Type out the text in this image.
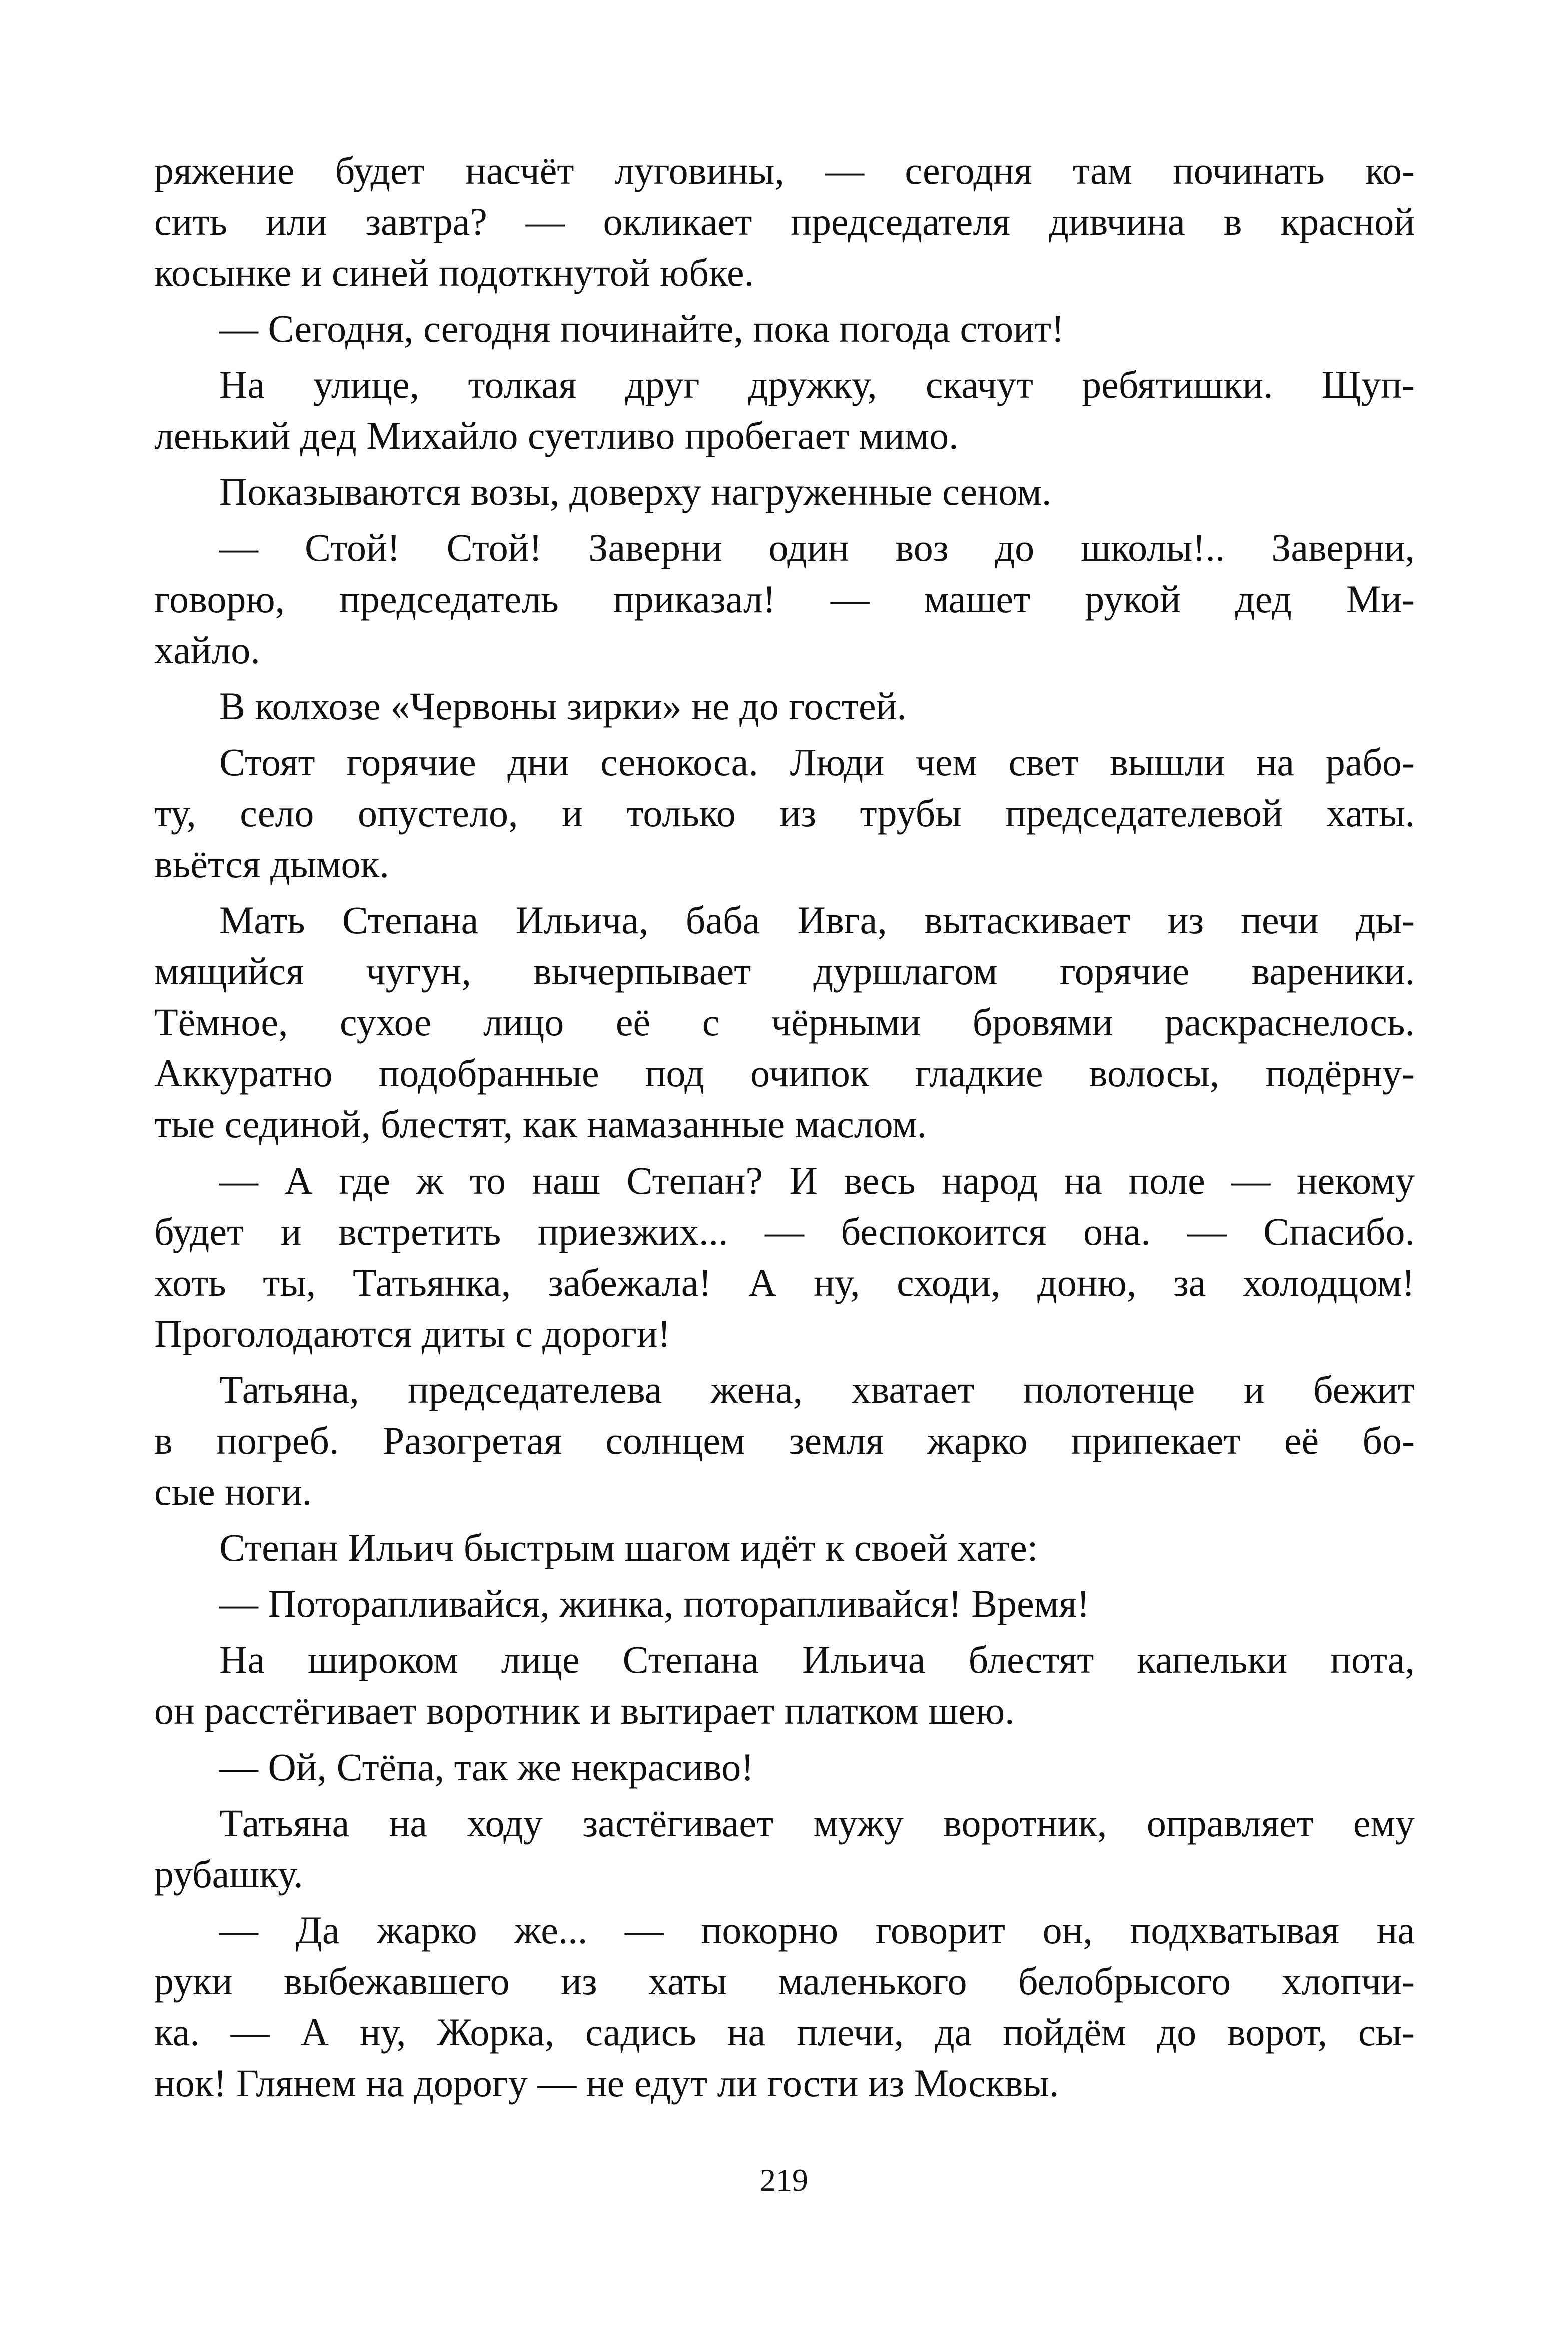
ряжение будет насчёт луговины, — сегодня там починать ко-
сить или завтра? — окликает председателя дивчина в красной
косынке и синей подоткнутой юбке.
— Сегодня, сегодня починайте, пока погода стоит!
На улице, толкая друг дружку, скачут ребятишки. Щуп-
ленький дед Михайло суетливо пробегает мимо.
Показываются возы, доверху нагруженные сеном.
— Стой! Стой! Заверни один воз до школы!.. Заверни,
говорю, председатель приказал! — машет рукой дед Ми-
хайло.
В колхозе «Червоны зирки» не до гостей.
Стоят горячие дни сенокоса. Люди чем свет вышли на рабо-
ту, село опустело, и только из трубы председателевой хаты.
вьётся дымок.
Мать Степана Ильича, баба Ивга, вытаскивает из печи ды-
мящийся чугун, вычерпывает дуршлагом горячие вареники.
Тёмное, сухое лицо её с чёрными бровями раскраснелось.
Аккуратно подобранные под очипок гладкие волосы, подёрну-
тые сединой, блестят, как намазанные маслом.
— А где ж то наш Степан? И весь народ на поле — некому
будет и встретить приезжих... — беспокоится она. — Спасибо.
хоть ты, Татьянка, забежала! А ну, сходи, доню, за холодцом!
Проголодаются диты с дороги!
Татьяна, председателева жена, хватает полотенце и бежит
в погреб. Разогретая солнцем земля жарко припекает её бо-
сые ноги.
Степан Ильич быстрым шагом идёт к своей хате:
— Поторапливайся, жинка, поторапливайся! Время!
На широком лице Степана Ильича блестят капельки пота,
он расстёгивает воротник и вытирает платком шею.
— Ой, Стёпа, так же некрасиво!
Татьяна на ходу застёгивает мужу воротник, оправляет ему
рубашку.
— Да жарко же... — покорно говорит он, подхватывая на
руки выбежавшего из хаты маленького белобрысого хлопчи-
ка. — А ну, Жорка, садись на плечи, да пойдём до ворот, сы-
нок! Глянем на дорогу — не едут ли гости из Москвы.
219
